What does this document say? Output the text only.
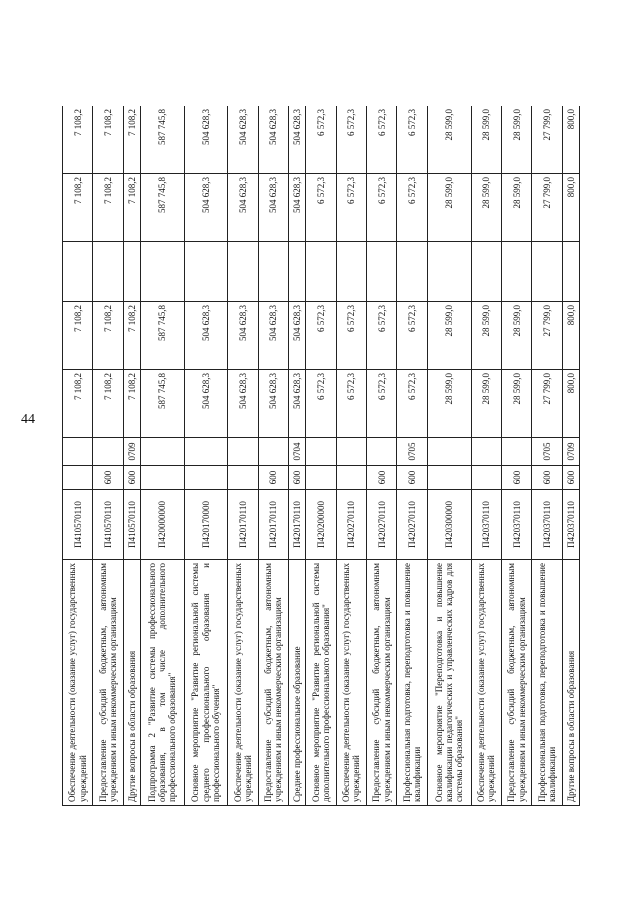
44
Обеспечение деятельности (оказание услуг) государственных учреждений	П410570110			7 108,2	7 108,2		7 108,2	7 108,2
Предоставление субсидий бюджетным, автономным учреждениям и иным некоммерческим организациям	П410570110	600		7 108,2	7 108,2		7 108,2	7 108,2
Другие вопросы в области образования	П410570110	600	0709	7 108,2	7 108,2		7 108,2	7 108,2
Подпрограмма 2 "Развитие системы профессионального образования, в том числе дополнительного профессионального образования"	П420000000			587 745,8	587 745,8		587 745,8	587 745,8
Основное мероприятие "Развитие региональной системы среднего профессионального образования и профессионального обучения"	П420170000			504 628,3	504 628,3		504 628,3	504 628,3
Обеспечение деятельности (оказание услуг) государственных учреждений	П420170110			504 628,3	504 628,3		504 628,3	504 628,3
Предоставление субсидий бюджетным, автономным учреждениям и иным некоммерческим организациям	П420170110	600		504 628,3	504 628,3		504 628,3	504 628,3
Среднее профессиональное образование	П420170110	600	0704	504 628,3	504 628,3		504 628,3	504 628,3
Основное мероприятие "Развитие региональной системы дополнительного профессионального образования"	П420200000			6 572,3	6 572,3		6 572,3	6 572,3
Обеспечение деятельности (оказание услуг) государственных учреждений	П420270110			6 572,3	6 572,3		6 572,3	6 572,3
Предоставление субсидий бюджетным, автономным учреждениям и иным некоммерческим организациям	П420270110	600		6 572,3	6 572,3		6 572,3	6 572,3
Профессиональная подготовка, переподготовка и повышение квалификации	П420270110	600	0705	6 572,3	6 572,3		6 572,3	6 572,3
Основное мероприятие "Переподготовка и повышение квалификации педагогических и управленческих кадров для системы образования"	П420300000			28 599,0	28 599,0		28 599,0	28 599,0
Обеспечение деятельности (оказание услуг) государственных учреждений	П420370110			28 599,0	28 599,0		28 599,0	28 599,0
Предоставление субсидий бюджетным, автономным учреждениям и иным некоммерческим организациям	П420370110	600		28 599,0	28 599,0		28 599,0	28 599,0
Профессиональная подготовка, переподготовка и повышение квалификации	П420370110	600	0705	27 799,0	27 799,0		27 799,0	27 799,0
Другие вопросы в области образования	П420370110	600	0709	800,0	800,0		800,0	800,0
